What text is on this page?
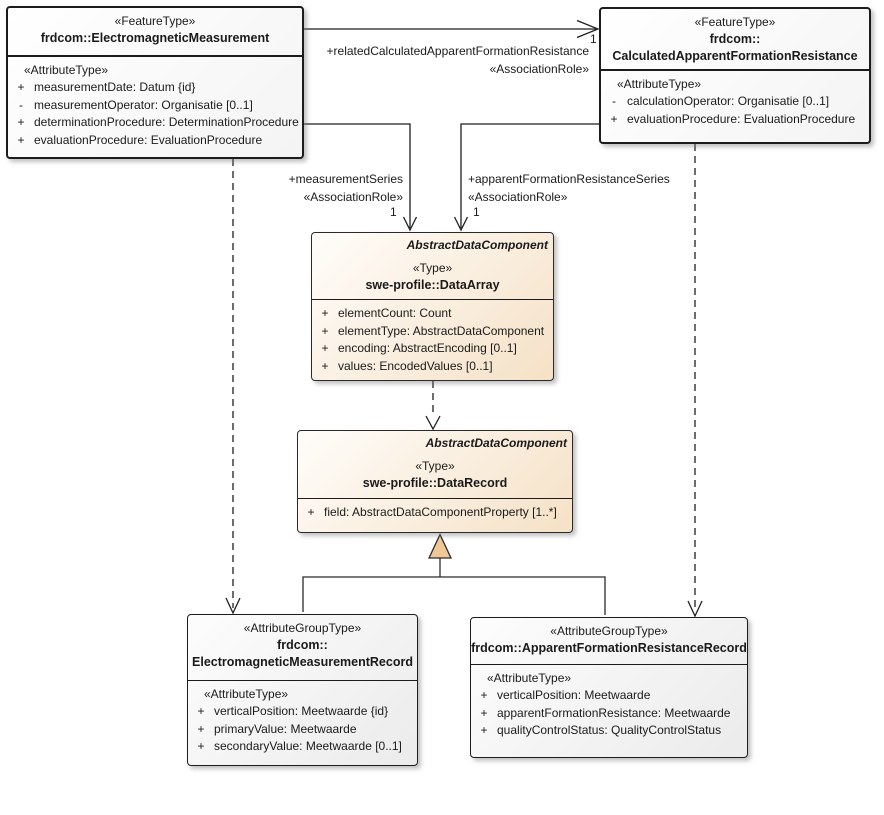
«FeatureType»
frdcom::ElectromagneticMeasurement
«AttributeType»
+ measurementDate: Datum {id}
- measurementOperator: Organisatie [0..1]
+ determinationProcedure: DeterminationProcedure
+ evaluationProcedure: EvaluationProcedure
«FeatureType»
frdcom::
CalculatedApparentFormationResistance
«AttributeType»
- calculationOperator: Organisatie [0..1]
+ evaluationProcedure: EvaluationProcedure
AbstractDataComponent
«Type»
swe-profile::DataArray
+ elementCount: Count
+ elementType: AbstractDataComponent
+ encoding: AbstractEncoding [0..1]
+ values: EncodedValues [0..1]
AbstractDataComponent
«Type»
swe-profile::DataRecord
+ field: AbstractDataComponentProperty [1..*]
«AttributeGroupType»
frdcom::
ElectromagneticMeasurementRecord
«AttributeType»
+ verticalPosition: Meetwaarde {id}
+ primaryValue: Meetwaarde
+ secondaryValue: Meetwaarde [0..1]
«AttributeGroupType»
frdcom::ApparentFormationResistanceRecord
«AttributeType»
+ verticalPosition: Meetwaarde
+ apparentFormationResistance: Meetwaarde
+ qualityControlStatus: QualityControlStatus
+relatedCalculatedApparentFormationResistance
«AssociationRole»
1
+measurementSeries
«AssociationRole»
1
+apparentFormationResistanceSeries
«AssociationRole»
1
